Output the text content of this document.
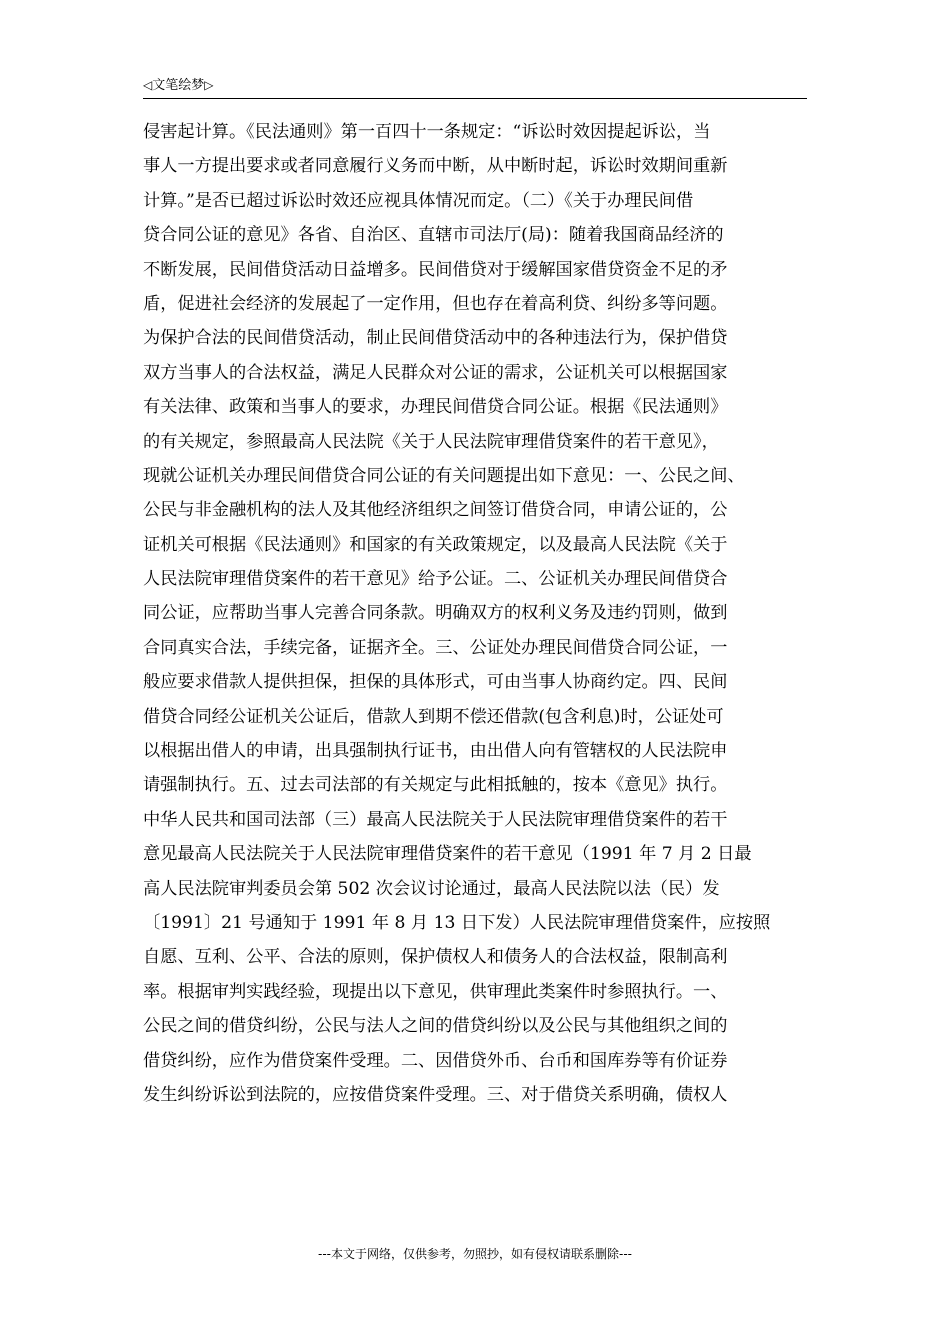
◁文笔绘梦▷
侵害起计算。《民法通则》第一百四十一条规定：“诉讼时效因提起诉讼，当
事人一方提出要求或者同意履行义务而中断，从中断时起，诉讼时效期间重新
计算。”是否已超过诉讼时效还应视具体情况而定。（二）《关于办理民间借
贷合同公证的意见》各省、自治区、直辖市司法厅(局)：随着我国商品经济的
不断发展，民间借贷活动日益增多。民间借贷对于缓解国家借贷资金不足的矛
盾，促进社会经济的发展起了一定作用，但也存在着高利贷、纠纷多等问题。
为保护合法的民间借贷活动，制止民间借贷活动中的各种违法行为，保护借贷
双方当事人的合法权益，满足人民群众对公证的需求，公证机关可以根据国家
有关法律、政策和当事人的要求，办理民间借贷合同公证。根据《民法通则》
的有关规定，参照最高人民法院《关于人民法院审理借贷案件的若干意见》，
现就公证机关办理民间借贷合同公证的有关问题提出如下意见：一、公民之间、
公民与非金融机构的法人及其他经济组织之间签订借贷合同，申请公证的，公
证机关可根据《民法通则》和国家的有关政策规定，以及最高人民法院《关于
人民法院审理借贷案件的若干意见》给予公证。二、公证机关办理民间借贷合
同公证，应帮助当事人完善合同条款。明确双方的权利义务及违约罚则，做到
合同真实合法，手续完备，证据齐全。三、公证处办理民间借贷合同公证，一
般应要求借款人提供担保，担保的具体形式，可由当事人协商约定。四、民间
借贷合同经公证机关公证后，借款人到期不偿还借款(包含利息)时，公证处可
以根据出借人的申请，出具强制执行证书，由出借人向有管辖权的人民法院申
请强制执行。五、过去司法部的有关规定与此相抵触的，按本《意见》执行。
中华人民共和国司法部（三）最高人民法院关于人民法院审理借贷案件的若干
意见最高人民法院关于人民法院审理借贷案件的若干意见（1991 年 7 月 2 日最
高人民法院审判委员会第 502 次会议讨论通过，最高人民法院以法（民）发
〔1991〕21 号通知于 1991 年 8 月 13 日下发）人民法院审理借贷案件，应按照
自愿、互利、公平、合法的原则，保护债权人和债务人的合法权益，限制高利
率。根据审判实践经验，现提出以下意见，供审理此类案件时参照执行。一、
公民之间的借贷纠纷，公民与法人之间的借贷纠纷以及公民与其他组织之间的
借贷纠纷，应作为借贷案件受理。二、因借贷外币、台币和国库券等有价证券
发生纠纷诉讼到法院的，应按借贷案件受理。三、对于借贷关系明确，债权人
---本文于网络，仅供参考，勿照抄，如有侵权请联系删除---
